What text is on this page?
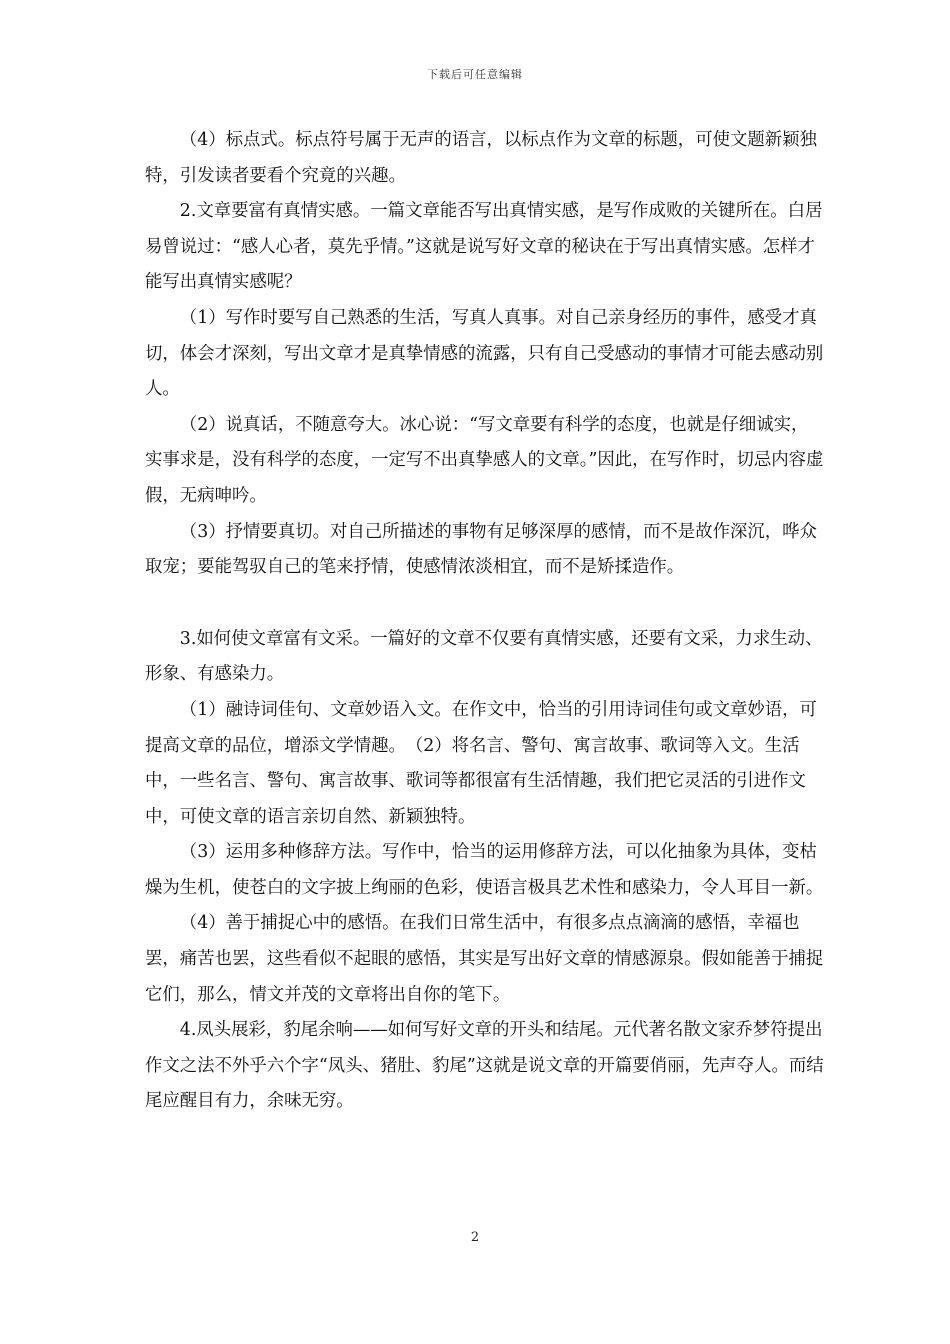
下载后可任意编辑

（4）标点式。标点符号属于无声的语言，以标点作为文章的标题，可使文题新颖独特，引发读者要看个究竟的兴趣。

2.文章要富有真情实感。一篇文章能否写出真情实感，是写作成败的关键所在。白居易曾说过：“感人心者，莫先乎情。”这就是说写好文章的秘诀在于写出真情实感。怎样才能写出真情实感呢？

（1）写作时要写自己熟悉的生活，写真人真事。对自己亲身经历的事件，感受才真切，体会才深刻，写出文章才是真挚情感的流露，只有自己受感动的事情才可能去感动别人。

（2）说真话，不随意夸大。冰心说：“写文章要有科学的态度，也就是仔细诚实，实事求是，没有科学的态度，一定写不出真挚感人的文章。”因此，在写作时，切忌内容虚假，无病呻吟。

（3）抒情要真切。对自己所描述的事物有足够深厚的感情，而不是故作深沉，哗众取宠；要能驾驭自己的笔来抒情，使感情浓淡相宜，而不是矫揉造作。

3.如何使文章富有文采。一篇好的文章不仅要有真情实感，还要有文采，力求生动、形象、有感染力。

（1）融诗词佳句、文章妙语入文。在作文中，恰当的引用诗词佳句或文章妙语，可提高文章的品位，增添文学情趣。　（2）将名言、警句、寓言故事、歌词等入文。生活中，一些名言、警句、寓言故事、歌词等都很富有生活情趣，我们把它灵活的引进作文中，可使文章的语言亲切自然、新颖独特。

（3）运用多种修辞方法。写作中，恰当的运用修辞方法，可以化抽象为具体，变枯燥为生机，使苍白的文字披上绚丽的色彩，使语言极具艺术性和感染力，令人耳目一新。

（4）善于捕捉心中的感悟。在我们日常生活中，有很多点点滴滴的感悟，幸福也罢，痛苦也罢，这些看似不起眼的感悟，其实是写出好文章的情感源泉。假如能善于捕捉它们，那么，情文并茂的文章将出自你的笔下。

4.凤头展彩，豹尾余响——如何写好文章的开头和结尾。元代著名散文家乔梦符提出作文之法不外乎六个字“凤头、猪肚、豹尾”这就是说文章的开篇要俏丽，先声夺人。而结尾应醒目有力，余味无穷。

2
